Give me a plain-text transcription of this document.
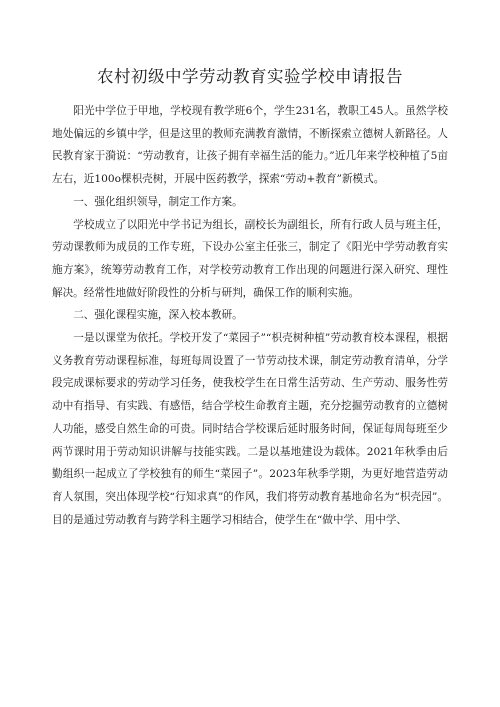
农村初级中学劳动教育实验学校申请报告

阳光中学位于甲地，学校现有教学班6个，学生231名，教职工45人。虽然学校地处偏远的乡镇中学，但是这里的教师充满教育激情，不断探索立德树人新路径。人民教育家于漪说：“劳动教育，让孩子拥有幸福生活的能力。”近几年来学校种植了5亩左右，近100o棵枳壳树，开展中医药教学，探索“劳动+教育”新模式。

一、强化组织领导，制定工作方案。

学校成立了以阳光中学书记为组长，副校长为副组长，所有行政人员与班主任，劳动课教师为成员的工作专班，下设办公室主任张三，制定了《阳光中学劳动教育实施方案》，统筹劳动教育工作，对学校劳动教育工作出现的问题进行深入研究、理性解决。经常性地做好阶段性的分析与研判，确保工作的顺利实施。

二、强化课程实施，深入校本教研。

一是以课堂为依托。学校开发了“菜园子”“枳壳树种植”劳动教育校本课程，根据义务教育劳动课程标准，每班每周设置了一节劳动技术课，制定劳动教育清单，分学段完成课标要求的劳动学习任务，使我校学生在日常生活劳动、生产劳动、服务性劳动中有指导、有实践、有感悟，结合学校生命教育主题，充分挖掘劳动教育的立德树人功能，感受自然生命的可贵。同时结合学校课后延时服务时间，保证每周每班至少两节课时用于劳动知识讲解与技能实践。二是以基地建设为载体。2021年秋季由后勤组织一起成立了学校独有的师生“菜园子”。2023年秋季学期，为更好地营造劳动育人氛围，突出体现学校“行知求真”的作风，我们将劳动教育基地命名为“枳壳园”。目的是通过劳动教育与跨学科主题学习相结合，使学生在“做中学、用中学、
